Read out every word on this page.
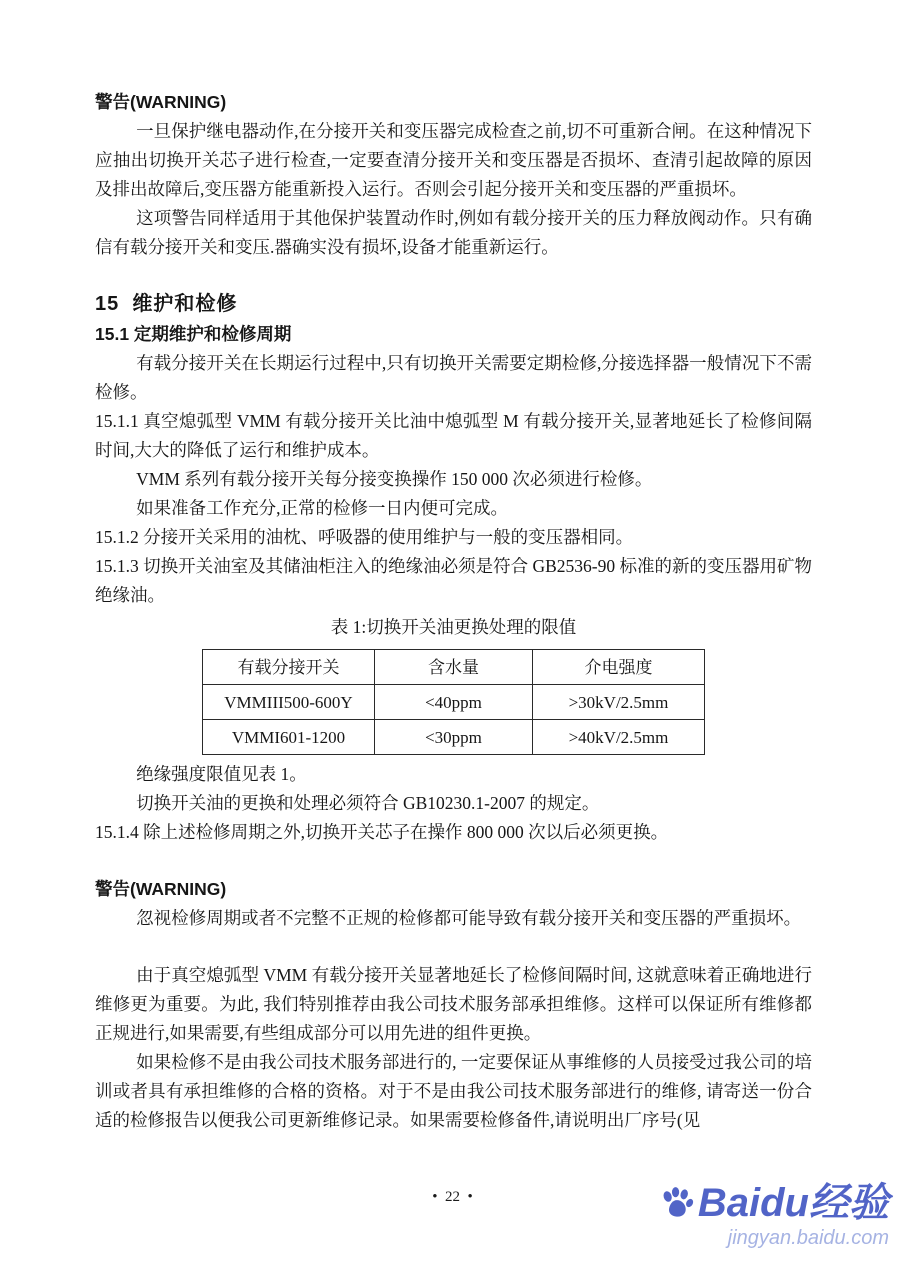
警告(WARNING)

一旦保护继电器动作,在分接开关和变压器完成检查之前,切不可重新合闸。在这种情况下应抽出切换开关芯子进行检查,一定要查清分接开关和变压器是否损坏、查清引起故障的原因及排出故障后,变压器方能重新投入运行。否则会引起分接开关和变压器的严重损坏。

这项警告同样适用于其他保护装置动作时,例如有载分接开关的压力释放阀动作。只有确信有载分接开关和变压.器确实没有损坏,设备才能重新运行。

15  维护和检修
15.1 定期维护和检修周期

有载分接开关在长期运行过程中,只有切换开关需要定期检修,分接选择器一般情况下不需检修。

15.1.1 真空熄弧型 VMM 有载分接开关比油中熄弧型 M 有载分接开关,显著地延长了检修间隔时间,大大的降低了运行和维护成本。

VMM 系列有载分接开关每分接变换操作 150 000 次必须进行检修。

如果准备工作充分,正常的检修一日内便可完成。

15.1.2 分接开关采用的油枕、呼吸器的使用维护与一般的变压器相同。

15.1.3 切换开关油室及其储油柜注入的绝缘油必须是符合 GB2536-90 标准的新的变压器用矿物绝缘油。

表 1:切换开关油更换处理的限值

有载分接开关	含水量	介电强度
VMMIII500-600Y	<40ppm	>30kV/2.5mm
VMMI601-1200	<30ppm	>40kV/2.5mm

绝缘强度限值见表 1。

切换开关油的更换和处理必须符合 GB10230.1-2007 的规定。

15.1.4 除上述检修周期之外,切换开关芯子在操作 800 000 次以后必须更换。

警告(WARNING)

忽视检修周期或者不完整不正规的检修都可能导致有载分接开关和变压器的严重损坏。

由于真空熄弧型 VMM 有载分接开关显著地延长了检修间隔时间, 这就意味着正确地进行维修更为重要。为此, 我们特别推荐由我公司技术服务部承担维修。这样可以保证所有维修都正规进行,如果需要,有些组成部分可以用先进的组件更换。

如果检修不是由我公司技术服务部进行的, 一定要保证从事维修的人员接受过我公司的培训或者具有承担维修的合格的资格。对于不是由我公司技术服务部进行的维修, 请寄送一份合适的检修报告以便我公司更新维修记录。如果需要检修备件,请说明出厂序号(见

•  22  •	Baidu经验
jingyan.baidu.com
